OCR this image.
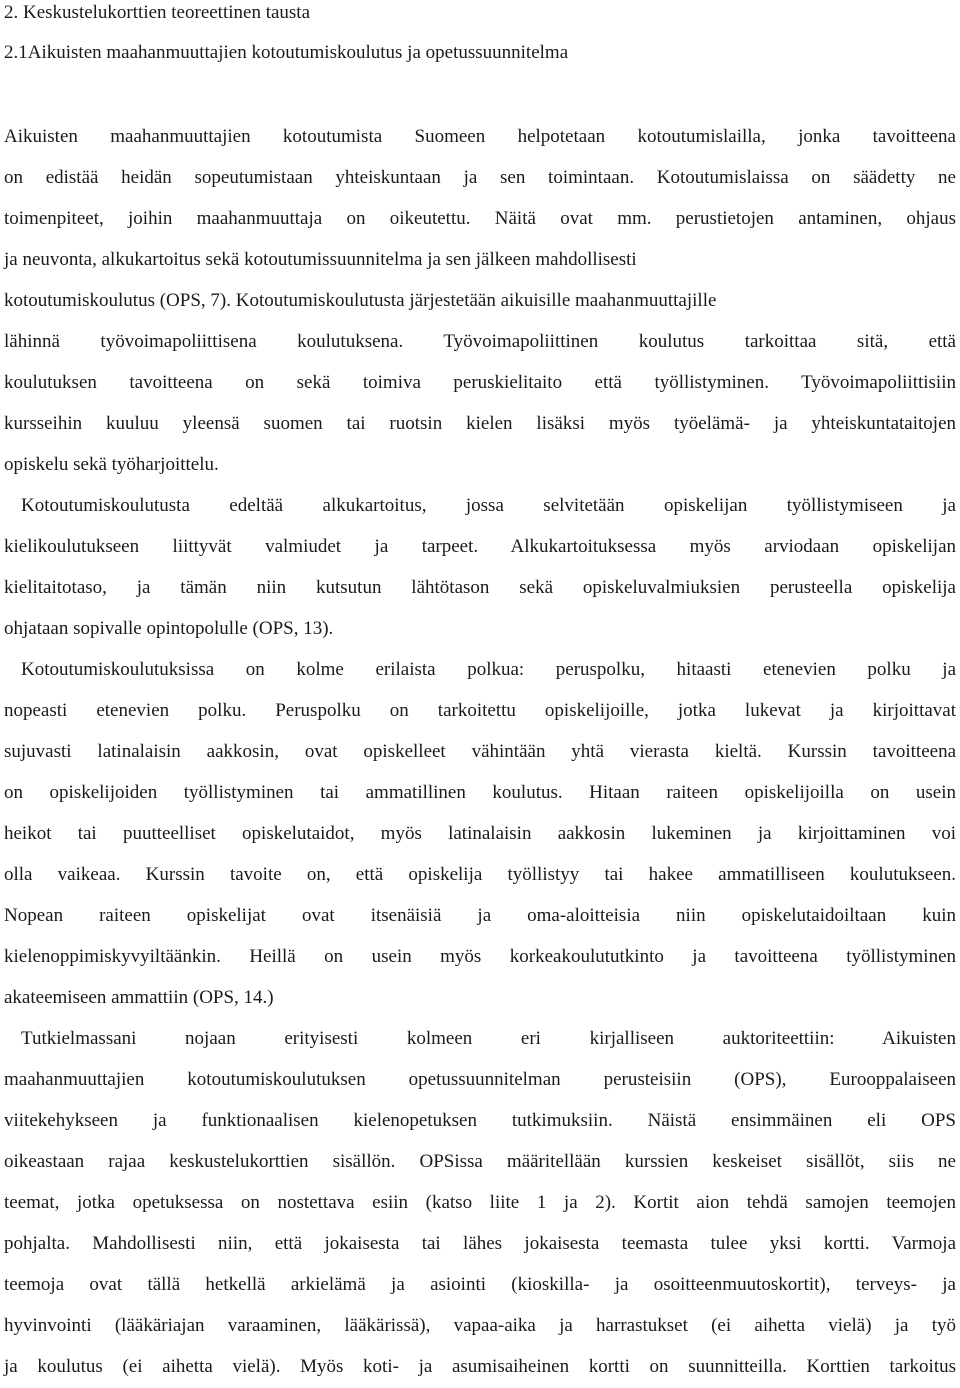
2. Keskustelukorttien teoreettinen tausta

2.1Aikuisten maahanmuuttajien kotoutumiskoulutus ja opetussuunnitelma

Aikuisten maahanmuuttajien kotoutumista Suomeen helpotetaan kotoutumislailla, jonka tavoitteena
on edistää heidän sopeutumistaan yhteiskuntaan ja sen toimintaan. Kotoutumislaissa on säädetty ne
toimenpiteet, joihin maahanmuuttaja on oikeutettu. Näitä ovat mm. perustietojen antaminen, ohjaus
ja neuvonta, alkukartoitus sekä kotoutumissuunnitelma ja sen jälkeen mahdollisesti
kotoutumiskoulutus (OPS, 7). Kotoutumiskoulutusta järjestetään aikuisille maahanmuuttajille
lähinnä työvoimapoliittisena koulutuksena. Työvoimapoliittinen koulutus tarkoittaa sitä, että
koulutuksen tavoitteena on sekä toimiva peruskielitaito että työllistyminen. Työvoimapoliittisiin
kursseihin kuuluu yleensä suomen tai ruotsin kielen lisäksi myös työelämä- ja yhteiskuntataitojen
opiskelu sekä työharjoittelu.

Kotoutumiskoulutusta edeltää alkukartoitus, jossa selvitetään opiskelijan työllistymiseen ja
kielikoulutukseen liittyvät valmiudet ja tarpeet. Alkukartoituksessa myös arviodaan opiskelijan
kielitaitotaso, ja tämän niin kutsutun lähtötason sekä opiskeluvalmiuksien perusteella opiskelija
ohjataan sopivalle opintopolulle (OPS, 13).

Kotoutumiskoulutuksissa on kolme erilaista polkua: peruspolku, hitaasti etenevien polku ja
nopeasti etenevien polku. Peruspolku on tarkoitettu opiskelijoille, jotka lukevat ja kirjoittavat
sujuvasti latinalaisin aakkosin, ovat opiskelleet vähintään yhtä vierasta kieltä. Kurssin tavoitteena
on opiskelijoiden työllistyminen tai ammatillinen koulutus. Hitaan raiteen opiskelijoilla on usein
heikot tai puutteelliset opiskelutaidot, myös latinalaisin aakkosin lukeminen ja kirjoittaminen voi
olla vaikeaa. Kurssin tavoite on, että opiskelija työllistyy tai hakee ammatilliseen koulutukseen.
Nopean raiteen opiskelijat ovat itsenäisiä ja oma-aloitteisia niin opiskelutaidoiltaan kuin
kielenoppimiskyvyiltäänkin. Heillä on usein myös korkeakoulututkinto ja tavoitteena työllistyminen
akateemiseen ammattiin (OPS, 14.)

Tutkielmassani nojaan erityisesti kolmeen eri kirjalliseen auktoriteettiin: Aikuisten
maahanmuuttajien kotoutumiskoulutuksen opetussuunnitelman perusteisiin (OPS), Eurooppalaiseen
viitekehykseen ja funktionaalisen kielenopetuksen tutkimuksiin. Näistä ensimmäinen eli OPS
oikeastaan rajaa keskustelukorttien sisällön. OPSissa määritellään kurssien keskeiset sisällöt, siis ne
teemat, jotka opetuksessa on nostettava esiin (katso liite 1 ja 2). Kortit aion tehdä samojen teemojen
pohjalta. Mahdollisesti niin, että jokaisesta tai lähes jokaisesta teemasta tulee yksi kortti. Varmoja
teemoja ovat tällä hetkellä arkielämä ja asiointi (kioskilla- ja osoitteenmuutoskortit), terveys- ja
hyvinvointi (lääkäriajan varaaminen, lääkärissä), vapaa-aika ja harrastukset (ei aihetta vielä) ja työ
ja koulutus (ei aihetta vielä). Myös koti- ja asumisaiheinen kortti on suunnitteilla. Korttien tarkoitus
